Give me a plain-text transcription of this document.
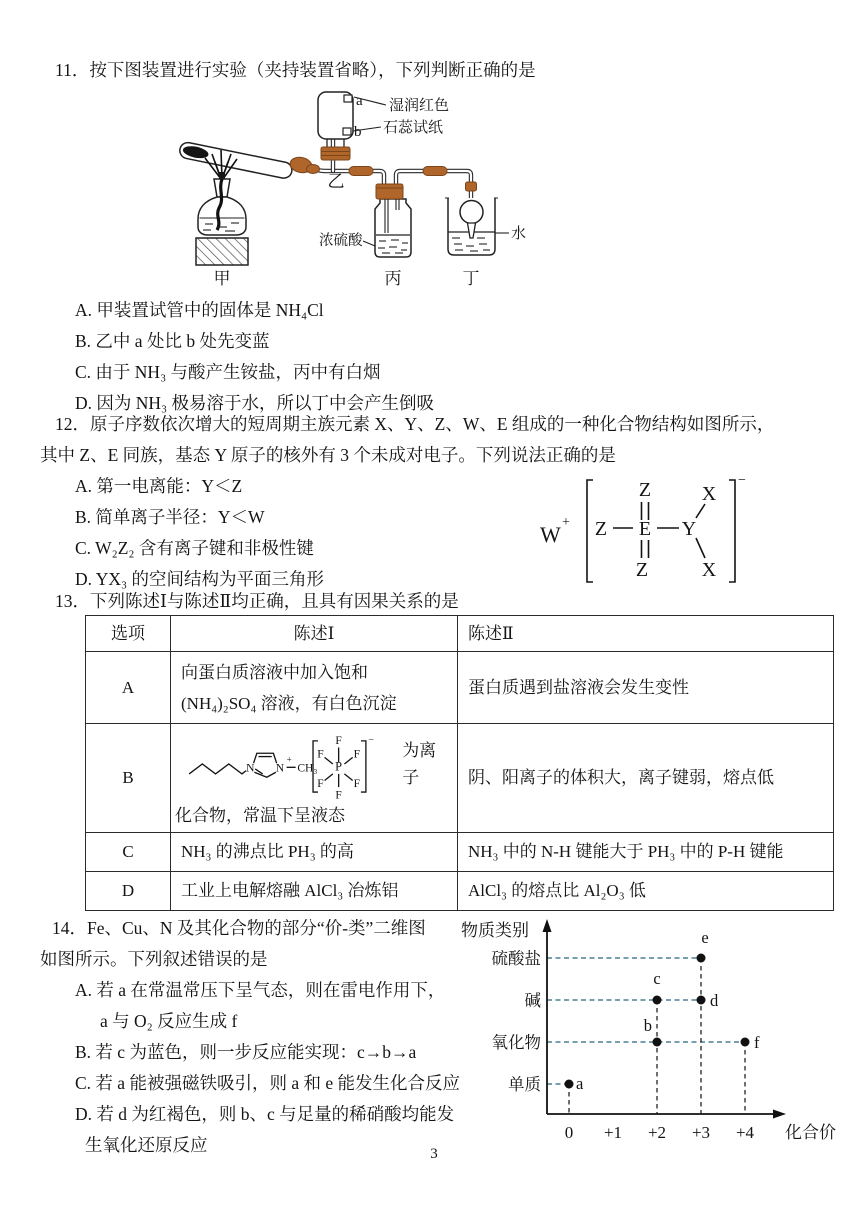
11．按下图装置进行实验（夹持装置省略），下列判断正确的是
甲
a
b
湿润红色
石蕊试纸
乙
浓硫酸
丙
水
丁
A. 甲装置试管中的固体是 NH₄Cl
B. 乙中 a 处比 b 处先变蓝
C. 由于 NH₃ 与酸产生铵盐，丙中有白烟
D. 因为 NH₃ 极易溶于水，所以丁中会产生倒吸
12．原子序数依次增大的短周期主族元素 X、Y、Z、W、E 组成的一种化合物结构如图所示，
其中 Z、E 同族，基态 Y 原子的核外有 3 个未成对电子。下列说法正确的是
A. 第一电离能：Y＜Z
B. 简单离子半径：Y＜W
C. W₂Z₂ 含有离子键和非极性键
D. YX₃ 的空间结构为平面三角形
W +
−
Z
Z E Y
Z
X
X
13．下列陈述Ⅰ与陈述Ⅱ均正确，且具有因果关系的是
选项	陈述Ⅰ	陈述Ⅱ
A	向蛋白质溶液中加入饱和 (NH₄)₂SO₄ 溶液，有白色沉淀	蛋白质遇到盐溶液会发生变性
B	N N
+
CH₃
−
P
F
F
F F
F F
为离子
化合物，常温下呈液态
	阴、阳离子的体积大，离子键弱，熔点低
C	NH₃ 的沸点比 PH₃ 的高	NH₃ 中的 N-H 键能大于 PH₃ 中的 P-H 键能
D	工业上电解熔融 AlCl₃ 冶炼铝	AlCl₃ 的熔点比 Al₂O₃ 低
14．Fe、Cu、N 及其化合物的部分“价-类”二维图
如图所示。下列叙述错误的是
A. 若 a 在常温常压下呈气态，则在雷电作用下，
a 与 O₂ 反应生成 f
B. 若 c 为蓝色，则一步反应能实现：c→b→a
C. 若 a 能被强磁铁吸引，则 a 和 e 能发生化合反应
D. 若 d 为红褐色，则 b、c 与足量的稀硝酸均能发
生氧化还原反应
物质类别
硫酸盐
碱
氧化物
单质 a
b
c
d
e
f
0 +1 +2 +3 +4 化合价
3
